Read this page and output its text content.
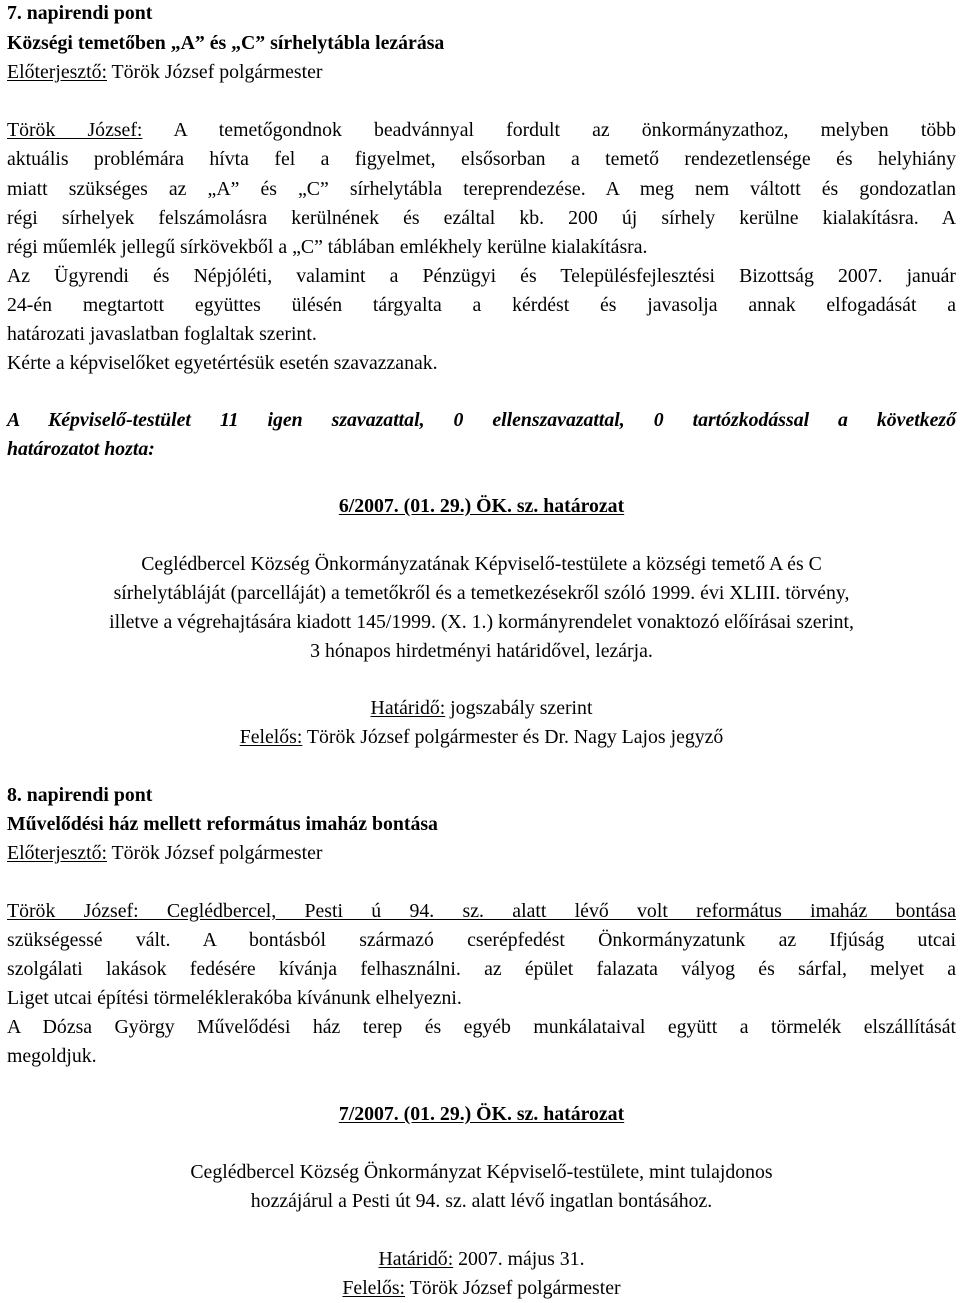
7. napirendi pont
Községi temetőben „A” és „C” sírhelytábla lezárása
Előterjesztő: Török József polgármester
Török József: A temetőgondnok beadvánnyal fordult az önkormányzathoz, melyben több
aktuális problémára hívta fel a figyelmet, elsősorban a temető rendezetlensége és helyhiány
miatt szükséges az „A” és „C” sírhelytábla tereprendezése. A meg nem váltott és gondozatlan
régi sírhelyek felszámolásra kerülnének és ezáltal kb. 200 új sírhely kerülne kialakításra. A
régi műemlék jellegű sírkövekből a „C” táblában emlékhely kerülne kialakításra.
Az Ügyrendi és Népjóléti, valamint a Pénzügyi és Településfejlesztési Bizottság 2007. január
24-én megtartott együttes ülésén tárgyalta a kérdést és javasolja annak elfogadását a
határozati javaslatban foglaltak szerint.
Kérte a képviselőket egyetértésük esetén szavazzanak.
A Képviselő-testület 11 igen szavazattal, 0 ellenszavazattal, 0 tartózkodással a következő
határozatot hozta:
6/2007. (01. 29.) ÖK. sz. határozat
Ceglédbercel Község Önkormányzatának Képviselő-testülete a községi temető A és C
sírhelytábláját (parcelláját) a temetőkről és a temetkezésekről szóló 1999. évi XLIII. törvény,
illetve a végrehajtására kiadott 145/1999. (X. 1.) kormányrendelet vonaktozó előírásai szerint,
3 hónapos hirdetményi határidővel, lezárja.
Határidő: jogszabály szerint
Felelős: Török József polgármester és Dr. Nagy Lajos jegyző
8. napirendi pont
Művelődési ház mellett református imaház bontása
Előterjesztő: Török József polgármester
Török József: Ceglédbercel, Pesti ú 94. sz. alatt lévő volt református imaház bontása
szükségessé vált. A bontásból származó cserépfedést Önkormányzatunk az Ifjúság utcai
szolgálati lakások fedésére kívánja felhasználni. az épület falazata vályog és sárfal, melyet a
Liget utcai építési törmeléklerakóba kívánunk elhelyezni.
A Dózsa György Művelődési ház terep és egyéb munkálataival együtt a törmelék elszállítását
megoldjuk.
7/2007. (01. 29.) ÖK. sz. határozat
Ceglédbercel Község Önkormányzat Képviselő-testülete, mint tulajdonos
hozzájárul a Pesti út 94. sz. alatt lévő ingatlan bontásához.
Határidő: 2007. május 31.
Felelős: Török József polgármester
